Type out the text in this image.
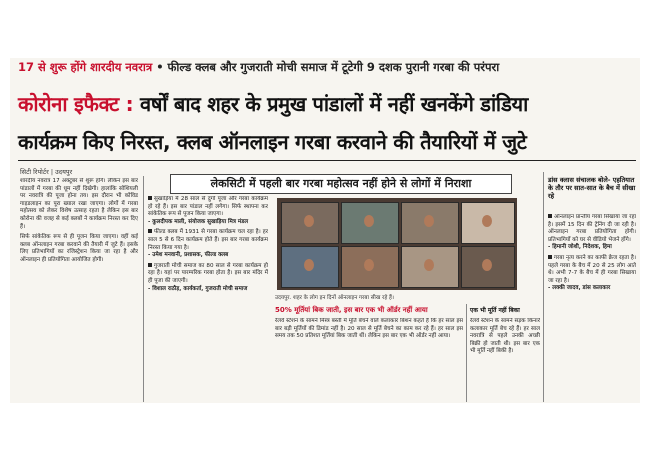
17 से शुरू होंगे शारदीय नवरात्र • फील्ड क्लब और गुजराती मोची समाज में टूटेगी 9 दशक पुरानी गरबा की परंपरा
कोरोना इफैक्ट : वर्षों बाद शहर के प्रमुख पांडालों में नहीं खनकेंगे डांडिया
कार्यक्रम किए निरस्त, क्लब ऑनलाइन गरबा करवाने की तैयारियों में जुटे
सिटी रिपोर्टर | उदयपुर

शारदीय नवरात्र 17 अक्टूबर से शुरू होंगे। लेकिन इस बार पांडालों में गरबा की धूम नहीं दिखेगी। हालांकि सोशियली पर नवरात्रि की पूजा होना तय। इस दौरान भी कोविड गाइडलाइन का पूरा ख्याल रखा जाएगा। लोगों में गरबा महोत्सव को लेकर विशेष उत्साह रहता है लेकिन इस बार कोरोना की वजह से कई क्लबों ने कार्यक्रम निरस्त कर दिए हैं।

सिर्फ सांकेतिक रूप से ही पूजन किया जाएगा। वहीं कई क्लब ऑनलाइन गरबा करवाने की तैयारी में जुटे हैं। इसके लिए प्रतिभागियों का रजिस्ट्रेशन किया जा रहा है और ऑनलाइन ही प्रतियोगिता आयोजित होगी।

सुखाड़िया में 28 साल से दुर्गा पूजा और गरबा कार्यक्रम हो रहे हैं। इस बार पांडाल नहीं लगेगा। सिर्फ स्थापना कर सांकेतिक रूप से पूजन किया जाएगा।
- कुलदीपक माली, संयोजक सुखाड़िया मित्र मंडल

फील्ड क्लब में 1931 से गरबा कार्यक्रम चल रहा है। हर साल 5 से 6 दिन कार्यक्रम होते हैं। इस बार गरबा कार्यक्रम निरस्त किया गया है।
- उमेश मनवानी, प्रशासक, फील्ड क्लब

गुजराती मोची समाज का 80 साल से गरबा कार्यक्रम हो रहा है। यहां पर पारम्परिक गरबा होता है। इस बार मंदिर में ही पूजा की जाएगी।
- विशाल राठौड़, कार्यकर्ता, गुजराती मोची समाज

लेकसिटी में पहली बार गरबा महोत्सव नहीं होने से लोगों में निराशा
उदयपुर. शहर के लोग इन दिनों ऑनलाइन गरबा सीख रहे हैं।
50% मूर्तियां बिक जाती, इस बार एक भी ऑर्डर नहीं आया

रेलवे स्टेशन के सामने मिस्त्र बस्ती में मूर्ति बेचने वाले कलाकार बिशन कहते हैं कि हर साल इस बार बड़ी मूर्तियों की डिमांड नहीं है। 20 साल से मूर्ति बेचने का काम कर रहे हैं। हर साल इस समय तक 50 प्रतिशत मूर्तियां बिक जाती थीं। लेकिन इस बार एक भी ऑर्डर नहीं आया।

एक भी मूर्ति नहीं बिका

रेलवे स्टेशन के सामने सड़क किनारे कलाकार मूर्ति बेच रहे हैं। हर साल नवरात्रि से पहले उनकी अच्छी बिक्री हो जाती थी। इस बार एक भी मूर्ति नहीं बिकी है।

डांस क्लास संचालक बोले- एहतियात के तौर पर सात-सात के बैच में सीखा रहे

ऑनलाइन प्रान्तीय गरबा सिखाया जा रहा है। इसमें 15 दिन की ट्रेनिंग दी जा रही है। ऑनलाइन गरबा प्रतियोगिता होगी। प्रतिभागियों को घर से वीडियो भेजने होंगे।
- हिमानी जोशी, निदेशक, हिमा

गरबा नृत्य करने का काफी क्रेज रहता है। पहले गरबा के बैच में 20 से 25 लोग आते थे। अभी 7-7 के बैच में ही गरबा सिखाया जा रहा है।
- लक्की जादव, डांस कलाकार
